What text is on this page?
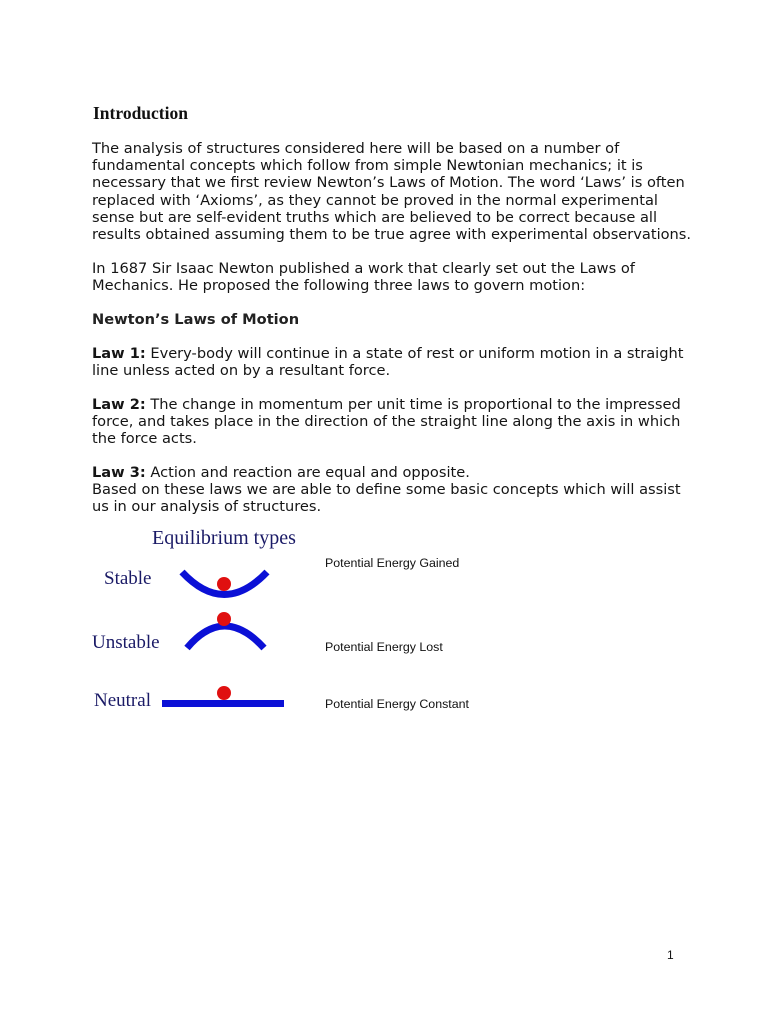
Introduction

The analysis of structures considered here will be based on a number of fundamental concepts which follow from simple Newtonian mechanics; it is necessary that we first review Newton’s Laws of Motion. The word ‘Laws’ is often replaced with ‘Axioms’, as they cannot be proved in the normal experimental sense but are self-evident truths which are believed to be correct because all results obtained assuming them to be true agree with experimental observations.

In 1687 Sir Isaac Newton published a work that clearly set out the Laws of Mechanics. He proposed the following three laws to govern motion:

Newton’s Laws of Motion

Law 1: Every-body will continue in a state of rest or uniform motion in a straight line unless acted on by a resultant force.

Law 2: The change in momentum per unit time is proportional to the impressed force, and takes place in the direction of the straight line along the axis in which the force acts.

Law 3: Action and reaction are equal and opposite.
Based on these laws we are able to define some basic concepts which will assist us in our analysis of structures.

Equilibrium types
Stable
Unstable
Neutral

Potential Energy Gained

Potential Energy Lost

Potential Energy Constant

1
